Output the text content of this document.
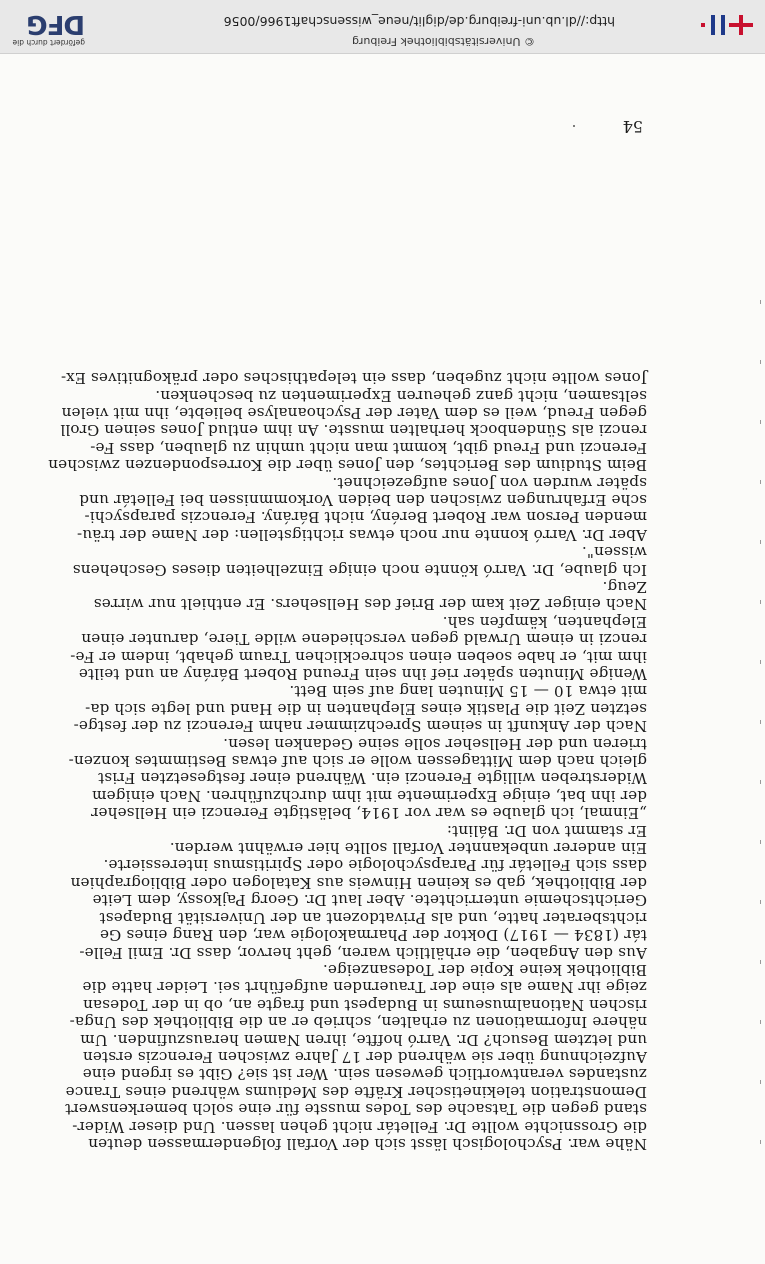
Nähe war. Psychologisch lässt sich der Vorfall folgendermassen deuten
die Grossnichte wollte Dr. Felletár nicht gehen lassen. Und dieser Wider-
stand gegen die Tatsache des Todes musste für eine solch bemerkenswert
Demonstration telekinetischer Kräfte des Mediums während eines Trance
zustandes verantwortlich gewesen sein. Wer ist sie? Gibt es irgend eine
Aufzeichnung über sie während der 17 Jahre zwischen Ferenczis ersten
und letztem Besuch? Dr. Varró hoffte, ihren Namen herauszufinden. Um
nähere Informationen zu erhalten, schrieb er an die Bibliothek des Unga-
rischen Nationalmuseums in Budapest und fragte an, ob in der Todesan
zeige ihr Name als eine der Trauernden aufgeführt sei. Leider hatte die
Bibliothek keine Kopie der Todesanzeige.

Aus den Angaben, die erhältlich waren, geht hervor, dass Dr. Emil Felle-
tár (1834 — 1917) Doktor der Pharmakologie war, den Rang eines Ge
richtsberater hatte, und als Privatdozent an der Universität Budapest
Gerichtschemie unterrichtete. Aber laut Dr. Georg Pajkossy, dem Leite
der Bibliothek, gab es keinen Hinweis aus Katalogen oder Bibliographien
dass sich Felletár für Parapsychologie oder Spiritismus interessierte.

Ein anderer unbekannter Vorfall sollte hier erwähnt werden.
Er stammt von Dr. Bálint:

„Einmal, ich glaube es war vor 1914, belästigte Ferenczi ein Hellseher
der ihn bat, einige Experimente mit ihm durchzuführen. Nach einigem
Widerstreben willigte Ferenczi ein. Während einer festgesetzten Frist
gleich nach dem Mittagessen wolle er sich auf etwas Bestimmtes konzen-
trieren und der Hellseher solle seine Gedanken lesen.

Nach der Ankunft in seinem Sprechzimmer nahm Ferenczi zu der festge-
setzten Zeit die Plastik eines Elephanten in die Hand und legte sich da-
mit etwa 10 — 15 Minuten lang auf sein Bett.

Wenige Minuten später rief ihn sein Freund Robert Bárány an und teilte
ihm mit, er habe soeben einen schrecklichen Traum gehabt, indem er Fe-
renczi in einem Urwald gegen verschiedene wilde Tiere, darunter einen
Elephanten, kämpfen sah.

Nach einiger Zeit kam der Brief des Hellsehers. Er enthielt nur wirres
Zeug.

Ich glaube, Dr. Varró könnte noch einige Einzelheiten dieses Geschehens
wissen".

Aber Dr. Varró konnte nur noch etwas richtigstellen: der Name der träu-
menden Person war Robert Berény, nicht Bárány. Ferenczis parapsychi-
sche Erfahrungen zwischen den beiden Vorkommnissen bei Felletár und
später wurden von Jones aufgezeichnet.

Beim Studium des Berichtes, den Jones über die Korrespondenzen zwischen
Ferenczi und Freud gibt, kommt man nicht umhin zu glauben, dass Fe-
renczi als Sündenbock herhalten musste. An ihm entlud Jones seinen Groll
gegen Freud, weil es dem Vater der Psychoanalyse beliebte, ihn mit vielen
seltsamen, nicht ganz geheuren Experimenten zu beschenken.

Jones wollte nicht zugeben, dass ein telepathisches oder präkognitives Ex-

54
http://dl.ub.uni-freiburg.de/diglit/neue_wissenschaft1966/0056
© Universitätsbibliothek Freiburg
gefördert durch die
DFG
